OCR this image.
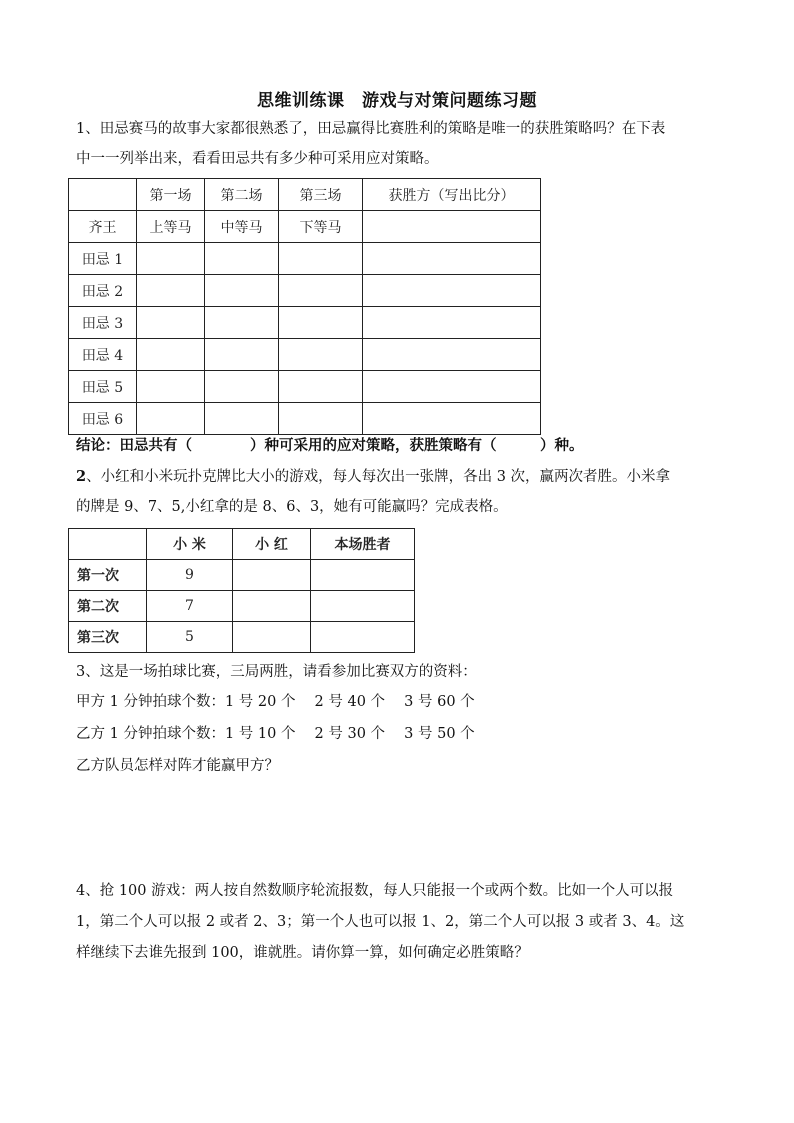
思维训练课　游戏与对策问题练习题
1、田忌赛马的故事大家都很熟悉了，田忌赢得比赛胜利的策略是唯一的获胜策略吗？在下表
中一一列举出来，看看田忌共有多少种可采用应对策略。
	第一场	第二场	第三场	获胜方（写出比分）
齐王	上等马	中等马	下等马	
田忌 1				
田忌 2				
田忌 3				
田忌 4				
田忌 5				
田忌 6				
结论：田忌共有（　　　　）种可采用的应对策略，获胜策略有（　　　）种。
2、小红和小米玩扑克牌比大小的游戏，每人每次出一张牌，各出 3 次，赢两次者胜。小米拿
的牌是 9、7、5,小红拿的是 8、6、3，她有可能赢吗？完成表格。
	小 米	小 红	本场胜者
第一次	9		
第二次	7		
第三次	5		
3、这是一场拍球比赛，三局两胜，请看参加比赛双方的资料：
甲方 1 分钟拍球个数：1 号 20 个　 2 号 40 个　 3 号 60 个
乙方 1 分钟拍球个数：1 号 10 个　 2 号 30 个　 3 号 50 个
乙方队员怎样对阵才能赢甲方？
4、抢 100 游戏：两人按自然数顺序轮流报数，每人只能报一个或两个数。比如一个人可以报
1，第二个人可以报 2 或者 2、3；第一个人也可以报 1、2，第二个人可以报 3 或者 3、4。这
样继续下去谁先报到 100，谁就胜。请你算一算，如何确定必胜策略？
